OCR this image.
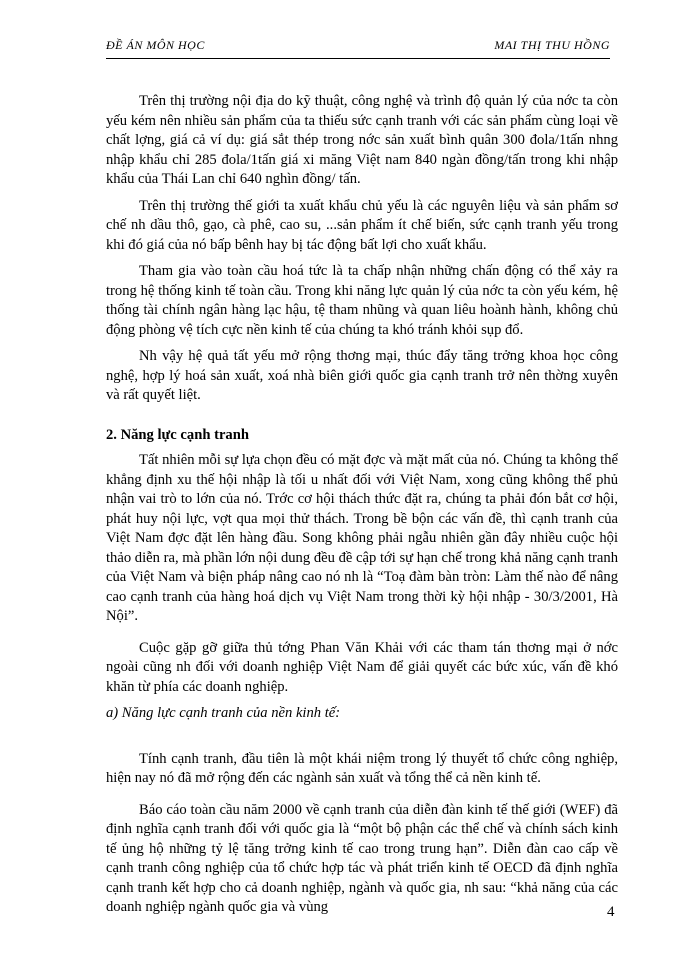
ĐỀ ÁN MÔN HỌC	MAI THỊ THU HỒNG

Trên thị trường nội địa do kỹ thuật, công nghệ và trình độ quản lý của nớc ta còn yếu kém nên nhiều sản phẩm của ta thiếu sức cạnh tranh với các sản phẩm cùng loại về chất lợng, giá cả ví dụ: giá sắt thép trong nớc sản xuất bình quân 300 đola/1tấn nhng nhập khẩu chỉ 285 đola/1tấn giá xi măng Việt nam 840 ngàn đồng/tấn trong khi nhập khẩu của Thái Lan chỉ 640 nghìn đồng/ tấn.

Trên thị trường thế giới ta xuất khẩu chủ yếu là các nguyên liệu và sản phẩm sơ chế nh dầu thô, gạo, cà phê, cao su, ...sản phẩm ít chế biến, sức cạnh tranh yếu trong khi đó giá của nó bấp bênh hay bị tác động bất lợi cho xuất khẩu.

Tham gia vào toàn cầu hoá tức là ta chấp nhận những chấn động có thể xảy ra trong hệ thống kinh tế toàn cầu. Trong khi năng lực quản lý của nớc ta còn yếu kém, hệ thống tài chính ngân hàng lạc hậu, tệ tham nhũng và quan liêu hoành hành, không chủ động phòng vệ tích cực nền kinh tế của chúng ta khó tránh khỏi sụp đổ.

Nh vậy hệ quả tất yếu mở rộng thơng mại, thúc đẩy tăng trởng khoa học công nghệ, hợp lý hoá sản xuất, xoá nhà biên giới quốc gia cạnh tranh trở nên thờng xuyên và rất quyết liệt.

2. Năng lực cạnh tranh

Tất nhiên mỗi sự lựa chọn đều có mặt đợc và mặt mất của nó. Chúng ta không thể khẳng định xu thế hội nhập là tối u nhất đối với Việt Nam, xong cũng không thể phủ nhận vai trò to lớn của nó. Trớc cơ hội thách thức đặt ra, chúng ta phải đón bắt cơ hội, phát huy nội lực, vợt qua mọi thử thách. Trong bề bộn các vấn đề, thì cạnh tranh của Việt Nam đợc đặt lên hàng đầu. Song không phải ngẫu nhiên gần đây nhiều cuộc hội thảo diễn ra, mà phần lớn nội dung đều đề cập tới sự hạn chế trong khả năng cạnh tranh của Việt Nam và biện pháp nâng cao nó nh là “Toạ đàm bàn tròn: Làm thế nào để nâng cao cạnh tranh của hàng hoá dịch vụ Việt Nam trong thời kỳ hội nhập - 30/3/2001, Hà Nội”.

Cuộc gặp gỡ giữa thủ tớng Phan Văn Khải với các tham tán thơng mại ở nớc ngoài cũng nh đối với doanh nghiệp Việt Nam để giải quyết các bức xúc, vấn đề khó khăn từ phía các doanh nghiệp.

a) Năng lực cạnh tranh của nền kinh tế:

Tính cạnh tranh, đầu tiên là một khái niệm trong lý thuyết tổ chức công nghiệp, hiện nay nó đã mở rộng đến các ngành sản xuất và tổng thể cả nền kinh tế.

Báo cáo toàn cầu năm 2000 về cạnh tranh của diễn đàn kinh tế thế giới (WEF) đã định nghĩa cạnh tranh đối với quốc gia là “một bộ phận các thể chế và chính sách kinh tế ủng hộ những tỷ lệ tăng trởng kinh tế cao trong trung hạn”. Diễn đàn cao cấp về cạnh tranh công nghiệp của tổ chức hợp tác và phát triển kinh tế OECD đã định nghĩa cạnh tranh kết hợp cho cả doanh nghiệp, ngành và quốc gia, nh sau: “khả năng của các doanh nghiệp ngành quốc gia và vùng	4
